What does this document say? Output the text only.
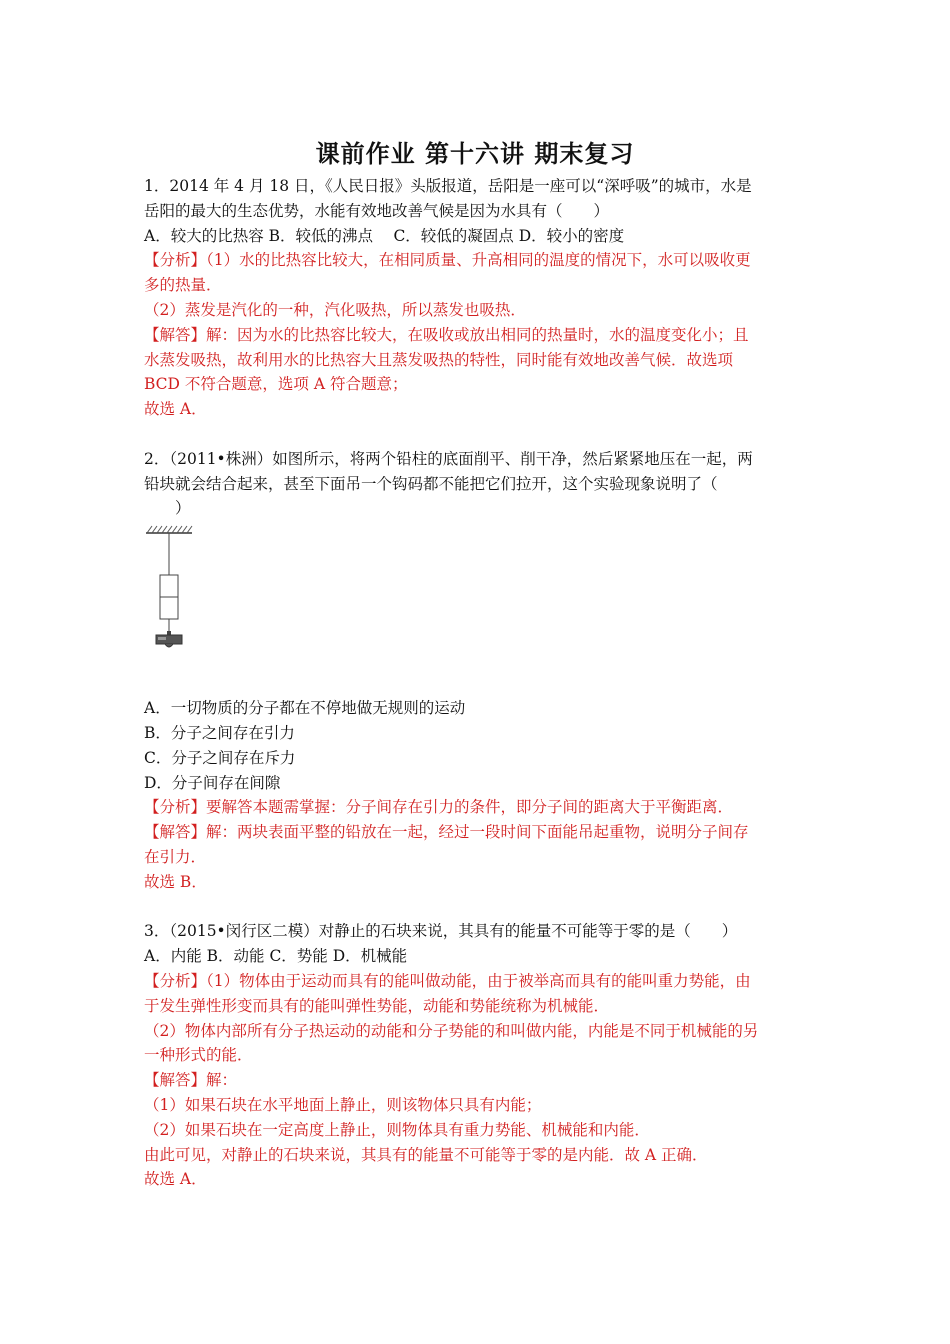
课前作业 第十六讲 期末复习
1．2014 年 4 月 18 日，《人民日报》头版报道，岳阳是一座可以“深呼吸”的城市，水是
岳阳的最大的生态优势，水能有效地改善气候是因为水具有（　　）
A．较大的比热容 B．较低的沸点　 C．较低的凝固点 D．较小的密度
【分析】（1）水的比热容比较大，在相同质量、升高相同的温度的情况下，水可以吸收更
多的热量．
（2）蒸发是汽化的一种，汽化吸热，所以蒸发也吸热．
【解答】解：因为水的比热容比较大，在吸收或放出相同的热量时，水的温度变化小；且
水蒸发吸热，故利用水的比热容大且蒸发吸热的特性，同时能有效地改善气候．故选项
BCD 不符合题意，选项 A 符合题意；
故选 A．
2．（2011•株洲）如图所示，将两个铅柱的底面削平、削干净，然后紧紧地压在一起，两
铅块就会结合起来，甚至下面吊一个钩码都不能把它们拉开，这个实验现象说明了（
　　）
A．一切物质的分子都在不停地做无规则的运动
B．分子之间存在引力
C．分子之间存在斥力
D．分子间存在间隙
【分析】要解答本题需掌握：分子间存在引力的条件，即分子间的距离大于平衡距离．
【解答】解：两块表面平整的铅放在一起，经过一段时间下面能吊起重物，说明分子间存
在引力．
故选 B．
3．（2015•闵行区二模）对静止的石块来说，其具有的能量不可能等于零的是（　　）
A．内能 B．动能 C．势能 D．机械能
【分析】（1）物体由于运动而具有的能叫做动能，由于被举高而具有的能叫重力势能，由
于发生弹性形变而具有的能叫弹性势能，动能和势能统称为机械能．
（2）物体内部所有分子热运动的动能和分子势能的和叫做内能，内能是不同于机械能的另
一种形式的能．
【解答】解：
（1）如果石块在水平地面上静止，则该物体只具有内能；
（2）如果石块在一定高度上静止，则物体具有重力势能、机械能和内能．
由此可见，对静止的石块来说，其具有的能量不可能等于零的是内能．故 A 正确．
故选 A．
